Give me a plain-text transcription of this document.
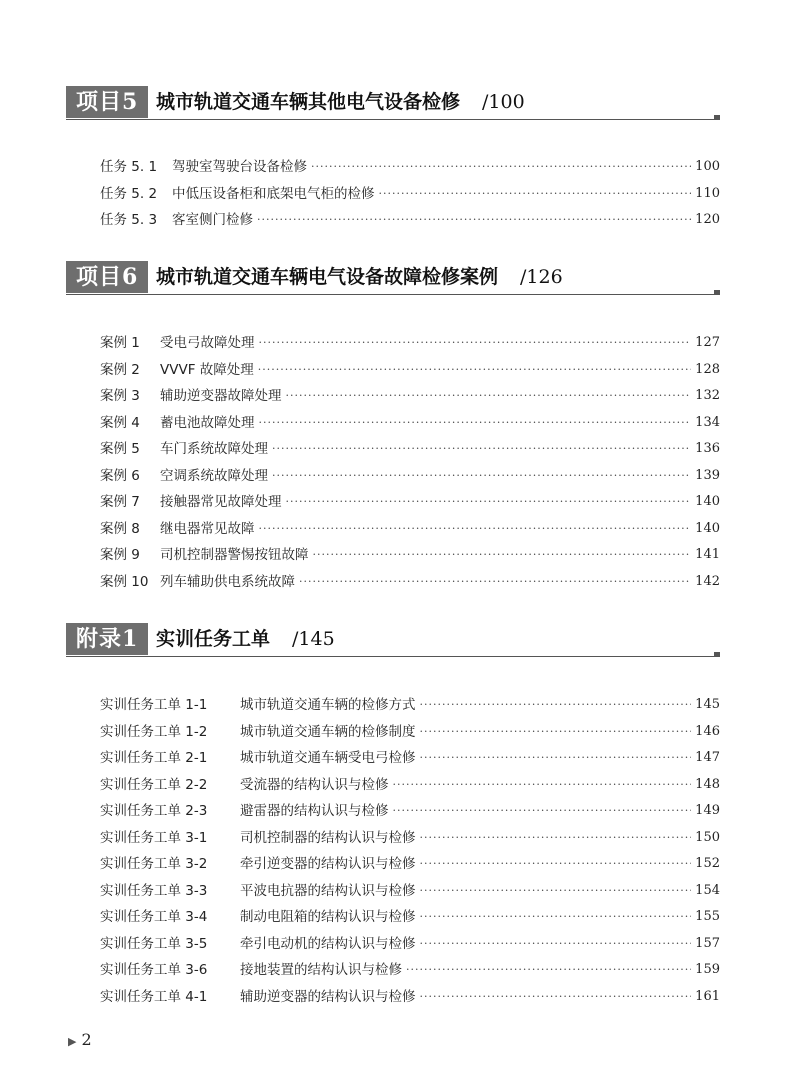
项目5 城市轨道交通车辆其他电气设备检修 /100
任务 5. 1	驾驶室驾驶台设备检修 ·····	100
任务 5. 2	中低压设备柜和底架电气柜的检修 ·····	110
任务 5. 3	客室侧门检修 ·····	120
项目6 城市轨道交通车辆电气设备故障检修案例 /126
案例 1	受电弓故障处理 ·····	127
案例 2	VVVF 故障处理 ·····	128
案例 3	辅助逆变器故障处理 ·····	132
案例 4	蓄电池故障处理 ·····	134
案例 5	车门系统故障处理 ·····	136
案例 6	空调系统故障处理 ·····	139
案例 7	接触器常见故障处理 ·····	140
案例 8	继电器常见故障 ·····	140
案例 9	司机控制器警惕按钮故障 ·····	141
案例 10 列车辅助供电系统故障 ·····	142
附录1 实训任务工单 /145
实训任务工单 1-1	城市轨道交通车辆的检修方式 ·····	145
实训任务工单 1-2	城市轨道交通车辆的检修制度 ·····	146
实训任务工单 2-1	城市轨道交通车辆受电弓检修 ·····	147
实训任务工单 2-2	受流器的结构认识与检修 ·····	148
实训任务工单 2-3	避雷器的结构认识与检修 ·····	149
实训任务工单 3-1	司机控制器的结构认识与检修 ·····	150
实训任务工单 3-2	牵引逆变器的结构认识与检修 ·····	152
实训任务工单 3-3	平波电抗器的结构认识与检修 ·····	154
实训任务工单 3-4	制动电阻箱的结构认识与检修 ·····	155
实训任务工单 3-5	牵引电动机的结构认识与检修 ·····	157
实训任务工单 3-6	接地装置的结构认识与检修 ·····	159
实训任务工单 4-1	辅助逆变器的结构认识与检修 ·····	161
▶ 2
